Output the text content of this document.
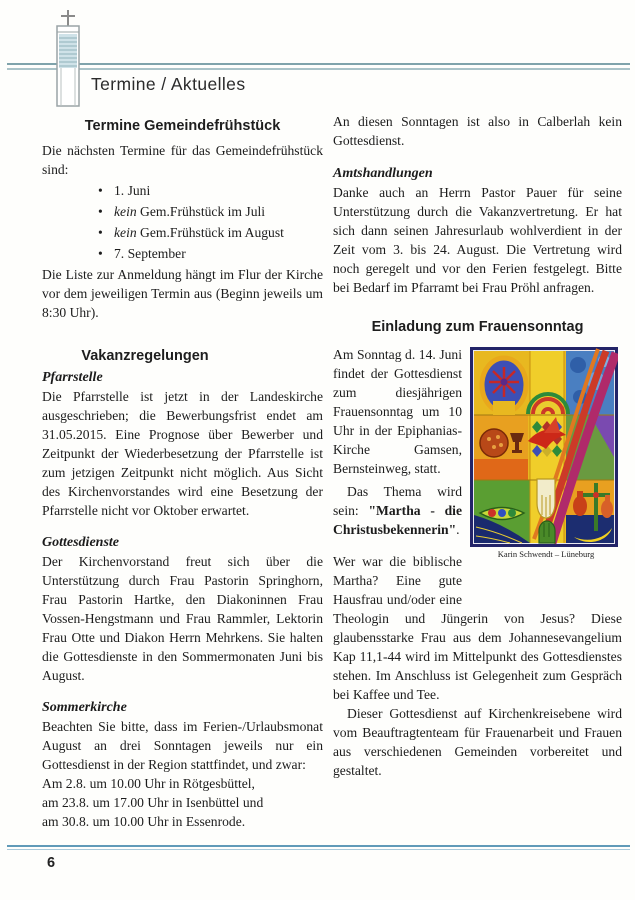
Termine / Aktuelles
Termine Gemeindefrühstück

Die nächsten Termine für das Gemeindefrühstück sind:

• 1. Juni
• kein Gem.Frühstück im Juli
• kein Gem.Frühstück im August
• 7. September

Die Liste zur Anmeldung hängt im Flur der Kirche vor dem jeweiligen Termin aus (Beginn jeweils um 8:30 Uhr).

Vakanzregelungen
Pfarrstelle

Die Pfarrstelle ist jetzt in der Landeskirche ausgeschrieben; die Bewerbungsfrist endet am 31.05.2015. Eine Prognose über Bewerber und Zeitpunkt der Wiederbesetzung der Pfarrstelle ist zum jetzigen Zeitpunkt nicht möglich. Aus Sicht des Kirchenvorstandes wird eine Besetzung der Pfarrstelle nicht vor Oktober erwartet.

Gottesdienste

Der Kirchenvorstand freut sich über die Unterstützung durch Frau Pastorin Springhorn, Frau Pastorin Hartke, den Diakoninnen Frau Vossen-Hengstmann und Frau Rammler, Lektorin Frau Otte und Diakon Herrn Mehrkens. Sie halten die Gottesdienste in den Sommermonaten Juni bis August.

Sommerkirche

Beachten Sie bitte, dass im Ferien-/Urlaubsmonat August an drei Sonntagen jeweils nur ein Gottesdienst in der Region stattfindet, und zwar:

Am 2.8. um 10.00 Uhr in Rötgesbüttel,
am 23.8. um 17.00 Uhr in Isenbüttel und
am 30.8. um 10.00 Uhr in Essenrode.

An diesen Sonntagen ist also in Calberlah kein Gottesdienst.

Amtshandlungen

Danke auch an Herrn Pastor Pauer für seine Unterstützung durch die Vakanzvertretung. Er hat sich dann seinen Jahresurlaub wohlverdient in der Zeit vom 3. bis 24. August. Die Vertretung wird noch geregelt und vor den Ferien festgelegt. Bitte bei Bedarf im Pfarramt bei Frau Pröhl anfragen.

Einladung zum Frauensonntag
Karin Schwendt – Lüneburg

Am Sonntag d. 14. Juni findet der Gottesdienst zum diesjährigen Frauensonntag um 10 Uhr in der Epiphanias-Kirche Gamsen, Bernsteinweg, statt.

Das Thema wird sein: "Martha - die Christusbekennerin".

Wer war die biblische Martha? Eine gute Hausfrau und/oder eine Theologin und Jüngerin von Jesus? Diese glaubensstarke Frau aus dem Johannesevangelium Kap 11,1-44 wird im Mittelpunkt des Gottesdienstes stehen. Im Anschluss ist Gelegenheit zum Gespräch bei Kaffee und Tee.

Dieser Gottesdienst auf Kirchenkreisebene wird vom Beauftragtenteam für Frauenarbeit und Frauen aus verschiedenen Gemeinden vorbereitet und gestaltet.

6
